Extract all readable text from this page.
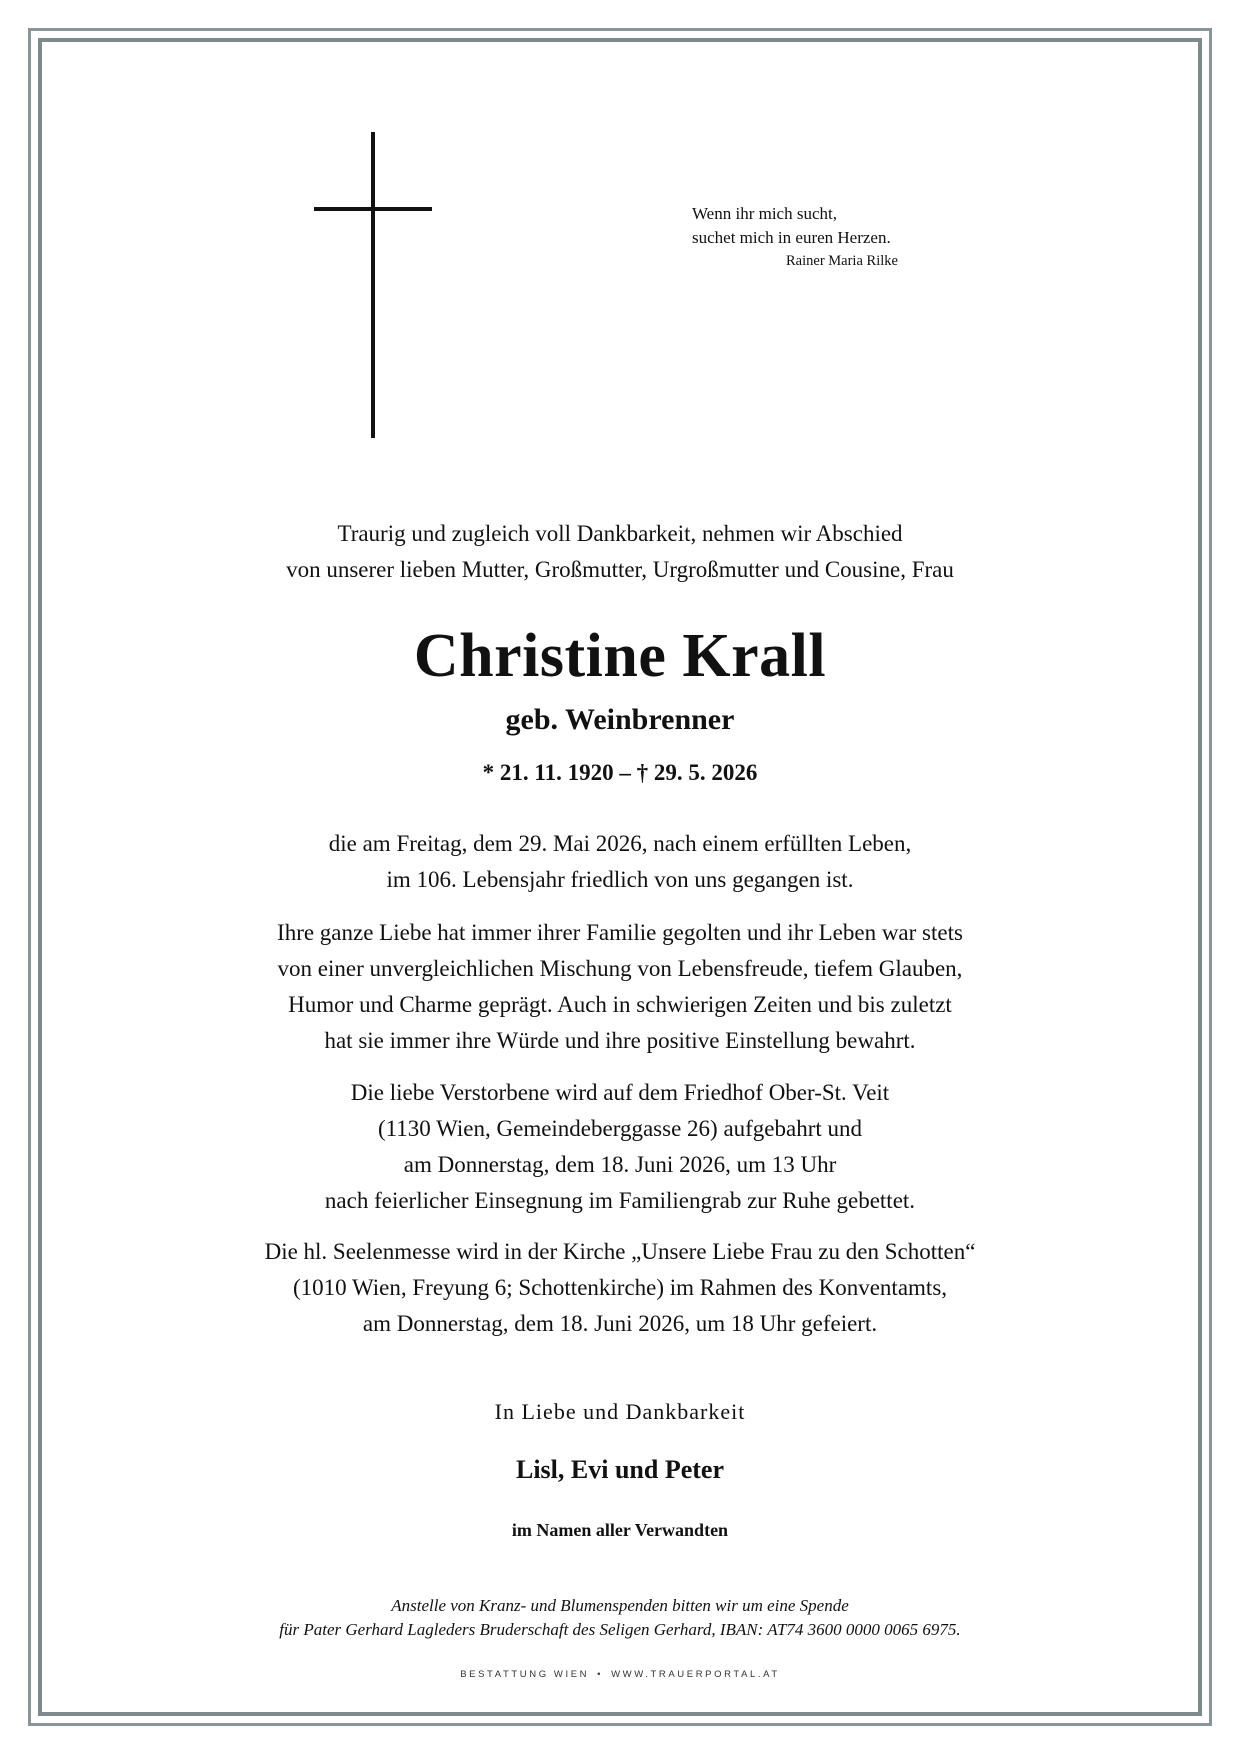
Wenn ihr mich sucht,
suchet mich in euren Herzen.
Rainer Maria Rilke
Traurig und zugleich voll Dankbarkeit, nehmen wir Abschied
von unserer lieben Mutter, Großmutter, Urgroßmutter und Cousine, Frau
Christine Krall
geb. Weinbrenner
* 21. 11. 1920 – † 29. 5. 2026
die am Freitag, dem 29. Mai 2026, nach einem erfüllten Leben,
im 106. Lebensjahr friedlich von uns gegangen ist.
Ihre ganze Liebe hat immer ihrer Familie gegolten und ihr Leben war stets
von einer unvergleichlichen Mischung von Lebensfreude, tiefem Glauben,
Humor und Charme geprägt. Auch in schwierigen Zeiten und bis zuletzt
hat sie immer ihre Würde und ihre positive Einstellung bewahrt.
Die liebe Verstorbene wird auf dem Friedhof Ober-St. Veit
(1130 Wien, Gemeindeberggasse 26) aufgebahrt und
am Donnerstag, dem 18. Juni 2026, um 13 Uhr
nach feierlicher Einsegnung im Familiengrab zur Ruhe gebettet.
Die hl. Seelenmesse wird in der Kirche „Unsere Liebe Frau zu den Schotten“
(1010 Wien, Freyung 6; Schottenkirche) im Rahmen des Konventamts,
am Donnerstag, dem 18. Juni 2026, um 18 Uhr gefeiert.
In Liebe und Dankbarkeit
Lisl, Evi und Peter
im Namen aller Verwandten
Anstelle von Kranz- und Blumenspenden bitten wir um eine Spende
für Pater Gerhard Lagleders Bruderschaft des Seligen Gerhard, IBAN: AT74 3600 0000 0065 6975.
BESTATTUNG WIEN • WWW.TRAUERPORTAL.AT
